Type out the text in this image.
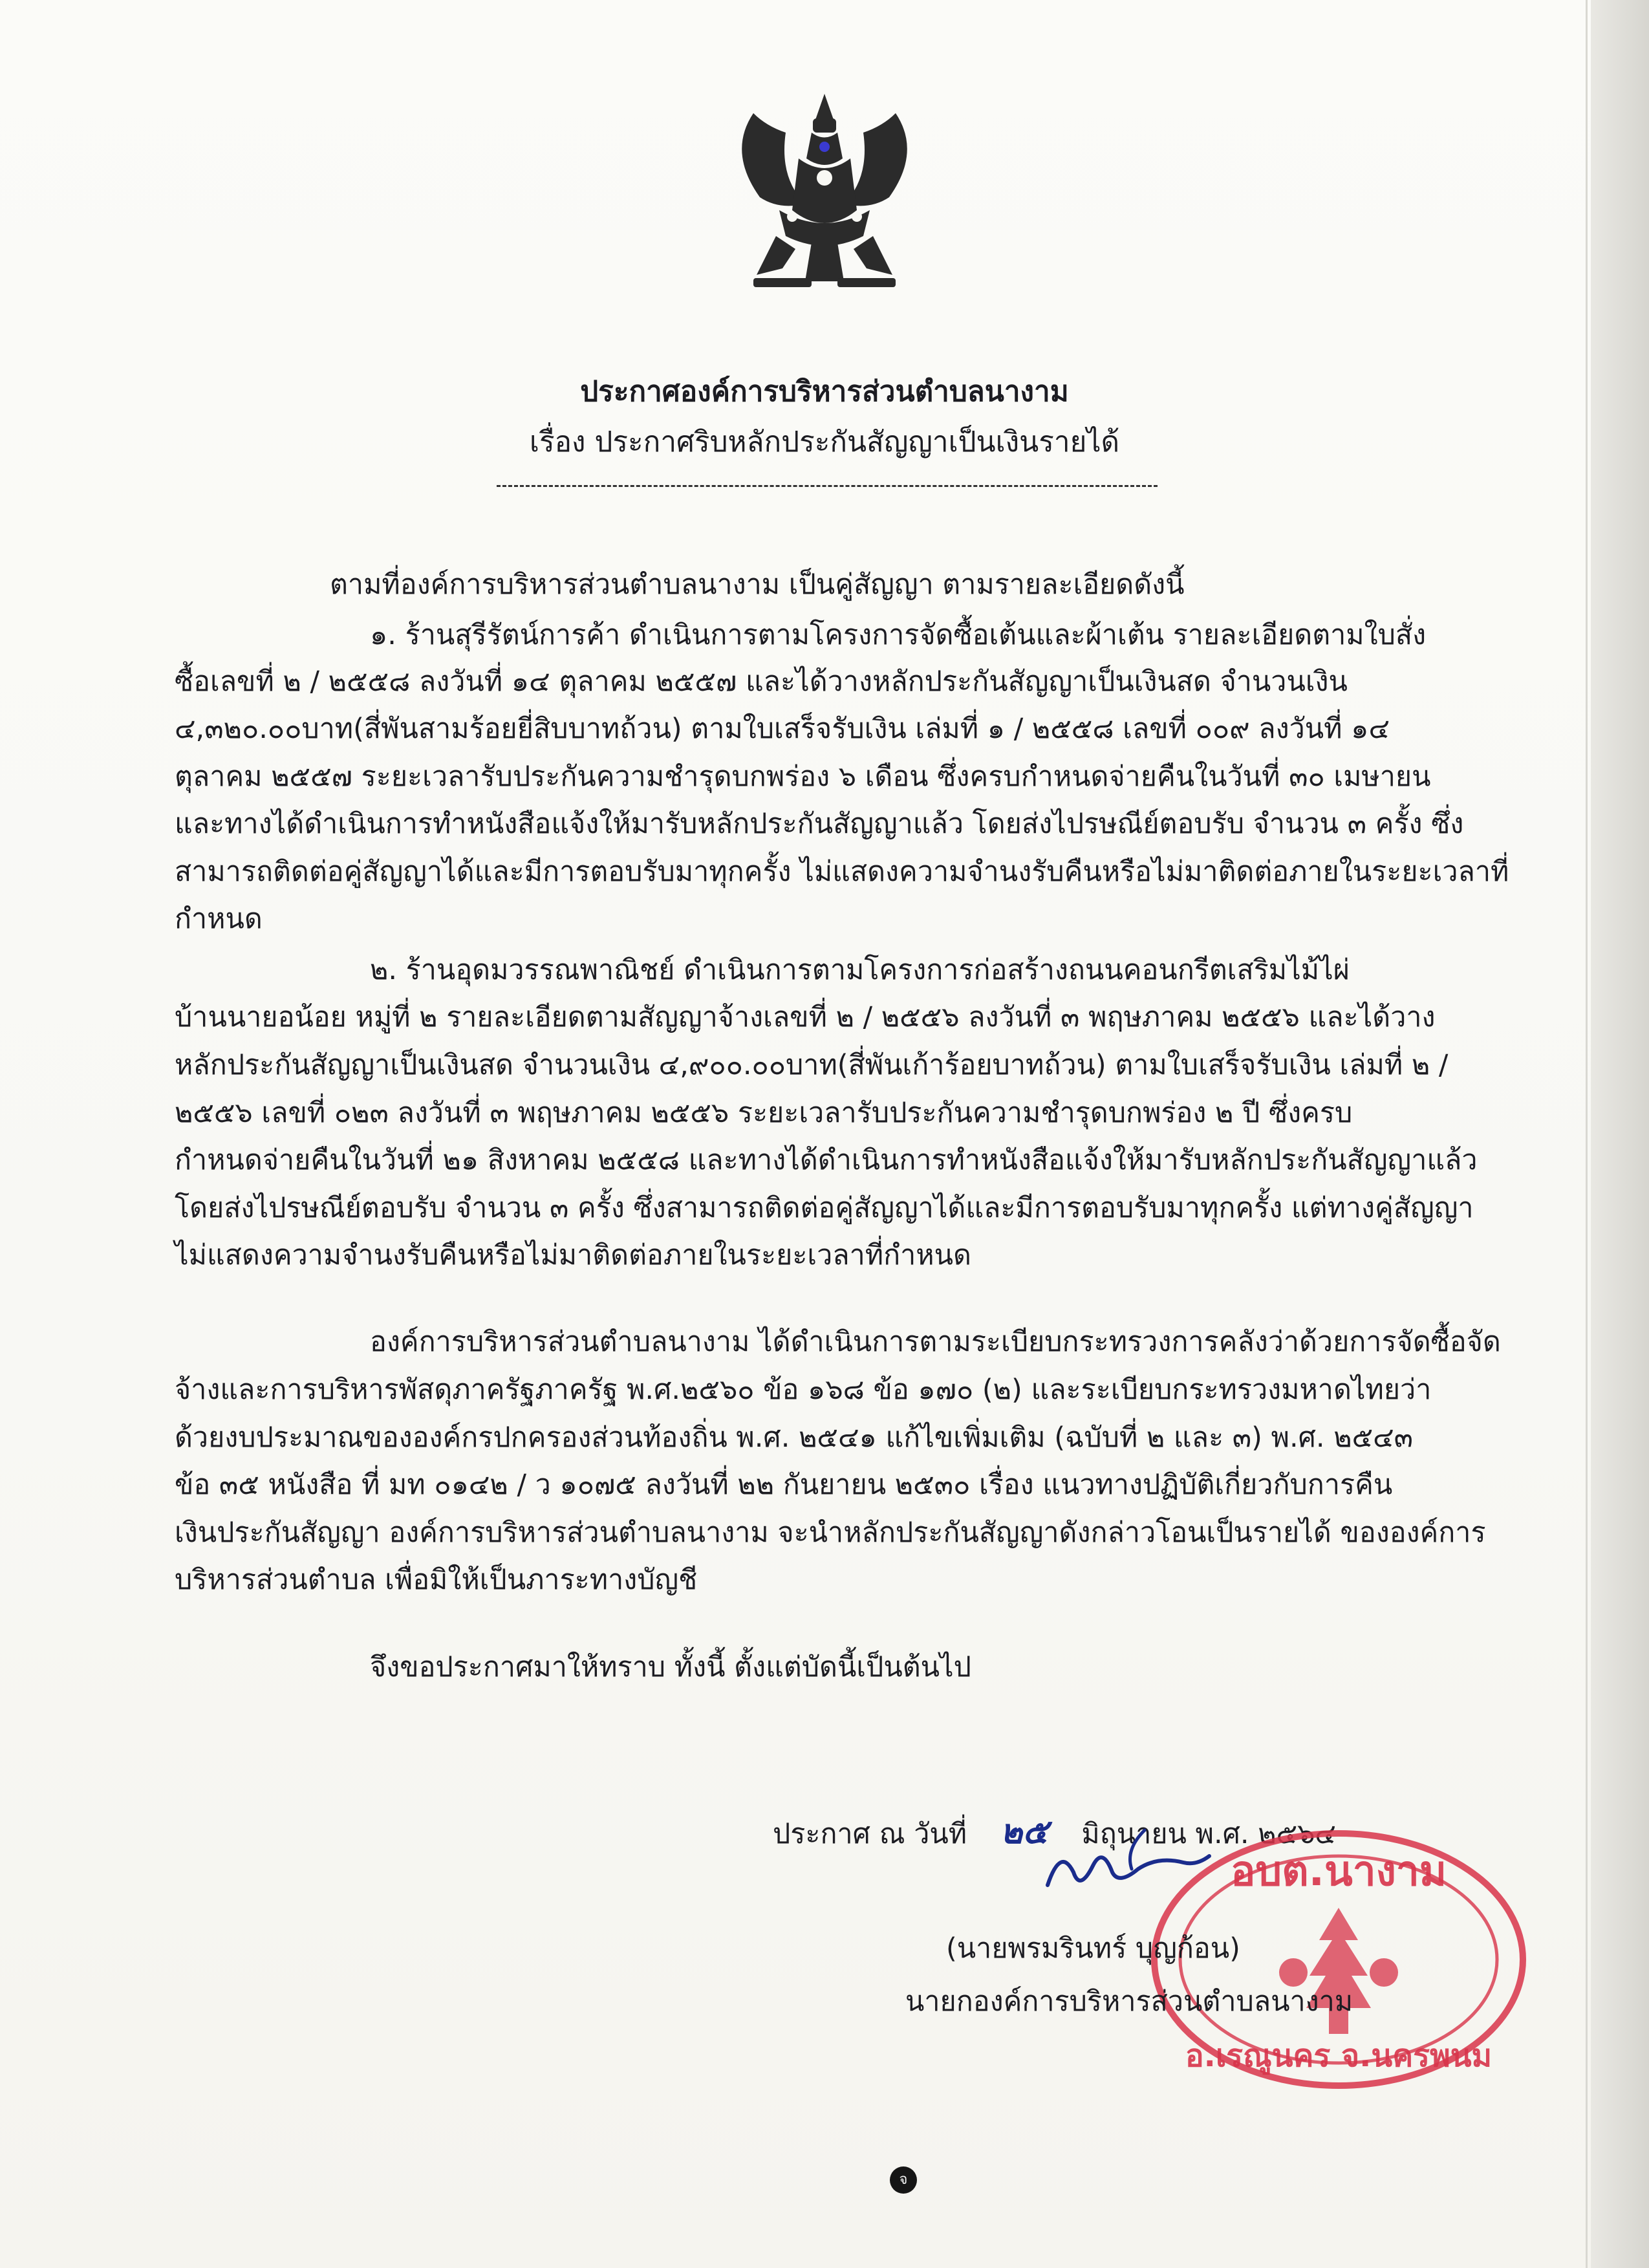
ประกาศองค์การบริหารส่วนตำบลนางาม
เรื่อง ประกาศริบหลักประกันสัญญาเป็นเงินรายได้
ตามที่องค์การบริหารส่วนตำบลนางาม เป็นคู่สัญญา ตามรายละเอียดดังนี้
๑. ร้านสุรีรัตน์การค้า ดำเนินการตามโครงการจัดซื้อเต้นและผ้าเต้น รายละเอียดตามใบสั่ง
ซื้อเลขที่ ๒ / ๒๕๕๘ ลงวันที่ ๑๔ ตุลาคม ๒๕๕๗ และได้วางหลักประกันสัญญาเป็นเงินสด จำนวนเงิน
๔,๓๒๐.๐๐บาท(สี่พันสามร้อยยี่สิบบาทถ้วน) ตามใบเสร็จรับเงิน เล่มที่ ๑ / ๒๕๕๘ เลขที่ ๐๐๙ ลงวันที่ ๑๔
ตุลาคม ๒๕๕๗ ระยะเวลารับประกันความชำรุดบกพร่อง ๖ เดือน ซึ่งครบกำหนดจ่ายคืนในวันที่ ๓๐ เมษายน
และทางได้ดำเนินการทำหนังสือแจ้งให้มารับหลักประกันสัญญาแล้ว โดยส่งไปรษณีย์ตอบรับ จำนวน ๓ ครั้ง ซึ่ง
สามารถติดต่อคู่สัญญาได้และมีการตอบรับมาทุกครั้ง ไม่แสดงความจำนงรับคืนหรือไม่มาติดต่อภายในระยะเวลาที่
กำหนด
๒. ร้านอุดมวรรณพาณิชย์ ดำเนินการตามโครงการก่อสร้างถนนคอนกรีตเสริมไม้ไผ่
บ้านนายอน้อย หมู่ที่ ๒ รายละเอียดตามสัญญาจ้างเลขที่ ๒ / ๒๕๕๖ ลงวันที่ ๓ พฤษภาคม ๒๕๕๖ และได้วาง
หลักประกันสัญญาเป็นเงินสด จำนวนเงิน ๔,๙๐๐.๐๐บาท(สี่พันเก้าร้อยบาทถ้วน) ตามใบเสร็จรับเงิน เล่มที่ ๒ /
๒๕๕๖ เลขที่ ๐๒๓ ลงวันที่ ๓ พฤษภาคม ๒๕๕๖ ระยะเวลารับประกันความชำรุดบกพร่อง ๒ ปี ซึ่งครบ
กำหนดจ่ายคืนในวันที่ ๒๑ สิงหาคม ๒๕๕๘ และทางได้ดำเนินการทำหนังสือแจ้งให้มารับหลักประกันสัญญาแล้ว
โดยส่งไปรษณีย์ตอบรับ จำนวน ๓ ครั้ง ซึ่งสามารถติดต่อคู่สัญญาได้และมีการตอบรับมาทุกครั้ง แต่ทางคู่สัญญา
ไม่แสดงความจำนงรับคืนหรือไม่มาติดต่อภายในระยะเวลาที่กำหนด
องค์การบริหารส่วนตำบลนางาม ได้ดำเนินการตามระเบียบกระทรวงการคลังว่าด้วยการจัดซื้อจัด
จ้างและการบริหารพัสดุภาครัฐภาครัฐ พ.ศ.๒๕๖๐ ข้อ ๑๖๘ ข้อ ๑๗๐ (๒) และระเบียบกระทรวงมหาดไทยว่า
ด้วยงบประมาณขององค์กรปกครองส่วนท้องถิ่น พ.ศ. ๒๕๔๑ แก้ไขเพิ่มเติม (ฉบับที่ ๒ และ ๓) พ.ศ. ๒๕๔๓
ข้อ ๓๕ หนังสือ ที่ มท ๐๑๔๒ / ว ๑๐๗๕ ลงวันที่ ๒๒ กันยายน ๒๕๓๐ เรื่อง แนวทางปฏิบัติเกี่ยวกับการคืน
เงินประกันสัญญา องค์การบริหารส่วนตำบลนางาม จะนำหลักประกันสัญญาดังกล่าวโอนเป็นรายได้ ขององค์การ
บริหารส่วนตำบล เพื่อมิให้เป็นภาระทางบัญชี
จึงขอประกาศมาให้ทราบ ทั้งนี้ ตั้งแต่บัดนี้เป็นต้นไป
ประกาศ ณ วันที่ ๒๕ มิถุนายน พ.ศ. ๒๕๖๔
อบต.นางาม
อ.เรณูนคร จ.นครพนม
(นายพรมรินทร์ บุญก้อน)
นายกองค์การบริหารส่วนตำบลนางาม
จ
